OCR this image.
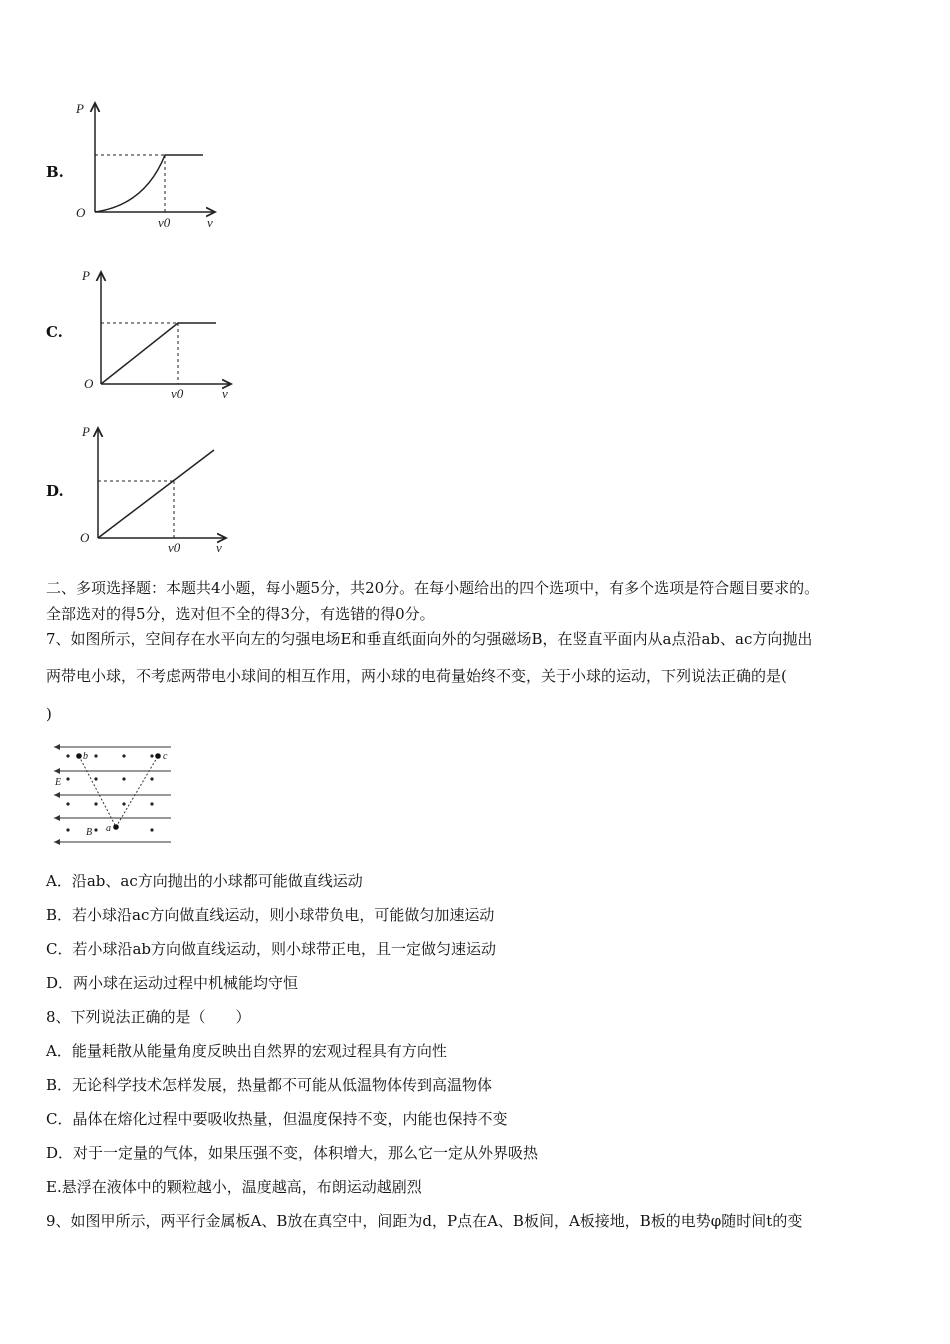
B.
P
O
v0	v
C.
P
O
v0	v
D.
P
O
v0	v
二、多项选择题：本题共4小题，每小题5分，共20分。在每小题给出的四个选项中，有多个选项是符合题目要求的。
全部选对的得5分，选对但不全的得3分，有选错的得0分。
7、如图所示，空间存在水平向左的匀强电场E和垂直纸面向外的匀强磁场B，在竖直平面内从a点沿ab、ac方向抛出
两带电小球，不考虑两带电小球间的相互作用，两小球的电荷量始终不变，关于小球的运动，下列说法正确的是(
)
b	c
E
B a
A．沿ab、ac方向抛出的小球都可能做直线运动
B．若小球沿ac方向做直线运动，则小球带负电，可能做匀加速运动
C．若小球沿ab方向做直线运动，则小球带正电，且一定做匀速运动
D．两小球在运动过程中机械能均守恒
8、下列说法正确的是（　　）
A．能量耗散从能量角度反映出自然界的宏观过程具有方向性
B．无论科学技术怎样发展，热量都不可能从低温物体传到高温物体
C．晶体在熔化过程中要吸收热量，但温度保持不变，内能也保持不变
D．对于一定量的气体，如果压强不变，体积增大，那么它一定从外界吸热
E.悬浮在液体中的颗粒越小，温度越高，布朗运动越剧烈
9、如图甲所示，两平行金属板A、B放在真空中，间距为d，P点在A、B板间，A板接地，B板的电势φ随时间t的变
